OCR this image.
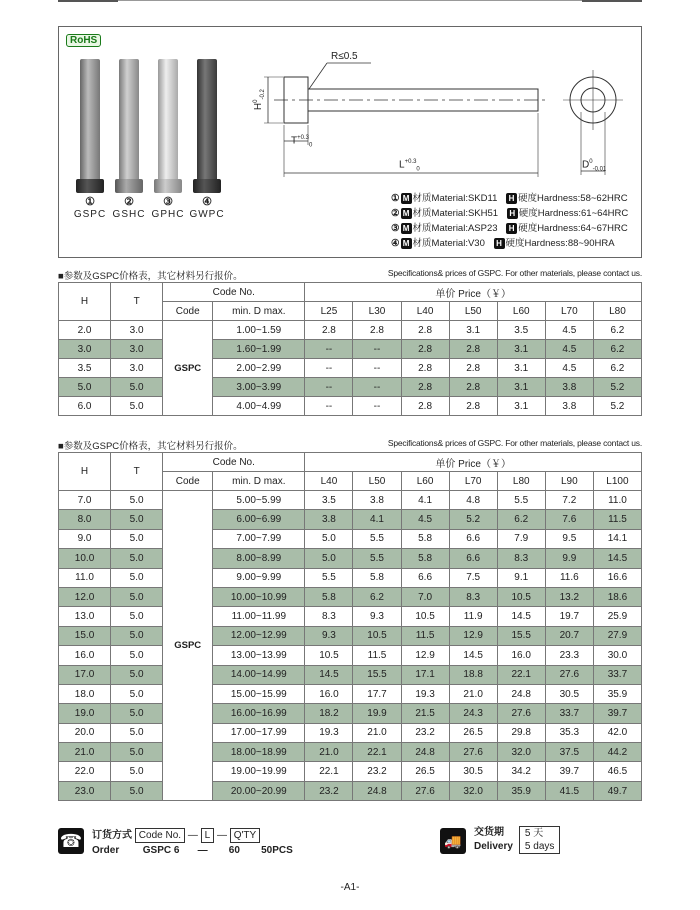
RoHS
①	②	③	④
GSPC GSHC GPHC GWPC
R≤0.5
$H^0_{-0.2}$
$T^{+0.3}_0$
$L^{+0.3}_0$	$D^0_{-0.01}$
① M 材质Material:SKD11 H 硬度Hardness:58~62HRC
② M 材质Material:SKH51 H 硬度Hardness:61~64HRC
③ M 材质Material:ASP23 H 硬度Hardness:64~67HRC
④ M 材质Material:V30 H 硬度Hardness:88~90HRA
■参数及GSPC价格表，其它材料另行报价。	Specifications& prices of GSPC. For other materials, please contact us.
H	T	Code No.		单价 Price（￥）						
		Code	min. D max.	L25	L30	L40	L50	L60	L70	L80
2.0	3.0	GSPC	1.00~1.59	2.8	2.8	2.8	3.1	3.5	4.5	6.2
3.0	3.0		1.60~1.99	--	--	2.8	2.8	3.1	4.5	6.2
3.5	3.0		2.00~2.99	--	--	2.8	2.8	3.1	4.5	6.2
5.0	5.0		3.00~3.99	--	--	2.8	2.8	3.1	3.8	5.2
6.0	5.0		4.00~4.99	--	--	2.8	2.8	3.1	3.8	5.2
■参数及GSPC价格表，其它材料另行报价。	Specifications& prices of GSPC. For other materials, please contact us.
H	T	Code No.		单价 Price（￥）						
		Code	min. D max.	L40	L50	L60	L70	L80	L90	L100
7.0	5.0	GSPC	5.00~5.99	3.5	3.8	4.1	4.8	5.5	7.2	11.0
8.0	5.0		6.00~6.99	3.8	4.1	4.5	5.2	6.2	7.6	11.5
9.0	5.0		7.00~7.99	5.0	5.5	5.8	6.6	7.9	9.5	14.1
10.0	5.0		8.00~8.99	5.0	5.5	5.8	6.6	8.3	9.9	14.5
11.0	5.0		9.00~9.99	5.5	5.8	6.6	7.5	9.1	11.6	16.6
12.0	5.0		10.00~10.99	5.8	6.2	7.0	8.3	10.5	13.2	18.6
13.0	5.0		11.00~11.99	8.3	9.3	10.5	11.9	14.5	19.7	25.9
15.0	5.0		12.00~12.99	9.3	10.5	11.5	12.9	15.5	20.7	27.9
16.0	5.0		13.00~13.99	10.5	11.5	12.9	14.5	16.0	23.3	30.0
17.0	5.0		14.00~14.99	14.5	15.5	17.1	18.8	22.1	27.6	33.7
18.0	5.0		15.00~15.99	16.0	17.7	19.3	21.0	24.8	30.5	35.9
19.0	5.0		16.00~16.99	18.2	19.9	21.5	24.3	27.6	33.7	39.7
20.0	5.0		17.00~17.99	19.3	21.0	23.2	26.5	29.8	35.3	42.0
21.0	5.0		18.00~18.99	21.0	22.1	24.8	27.6	32.0	37.5	44.2
22.0	5.0		19.00~19.99	22.1	23.2	26.5	30.5	34.2	39.7	46.5
23.0	5.0		20.00~20.99	23.2	24.8	27.6	32.0	35.9	41.5	49.7
☎ 订货方式 Code No. — L — Q'TY
Order GSPC 6 — 60 50PCS
🚚
交货期
Delivery
5 天
5 days
-A1-
